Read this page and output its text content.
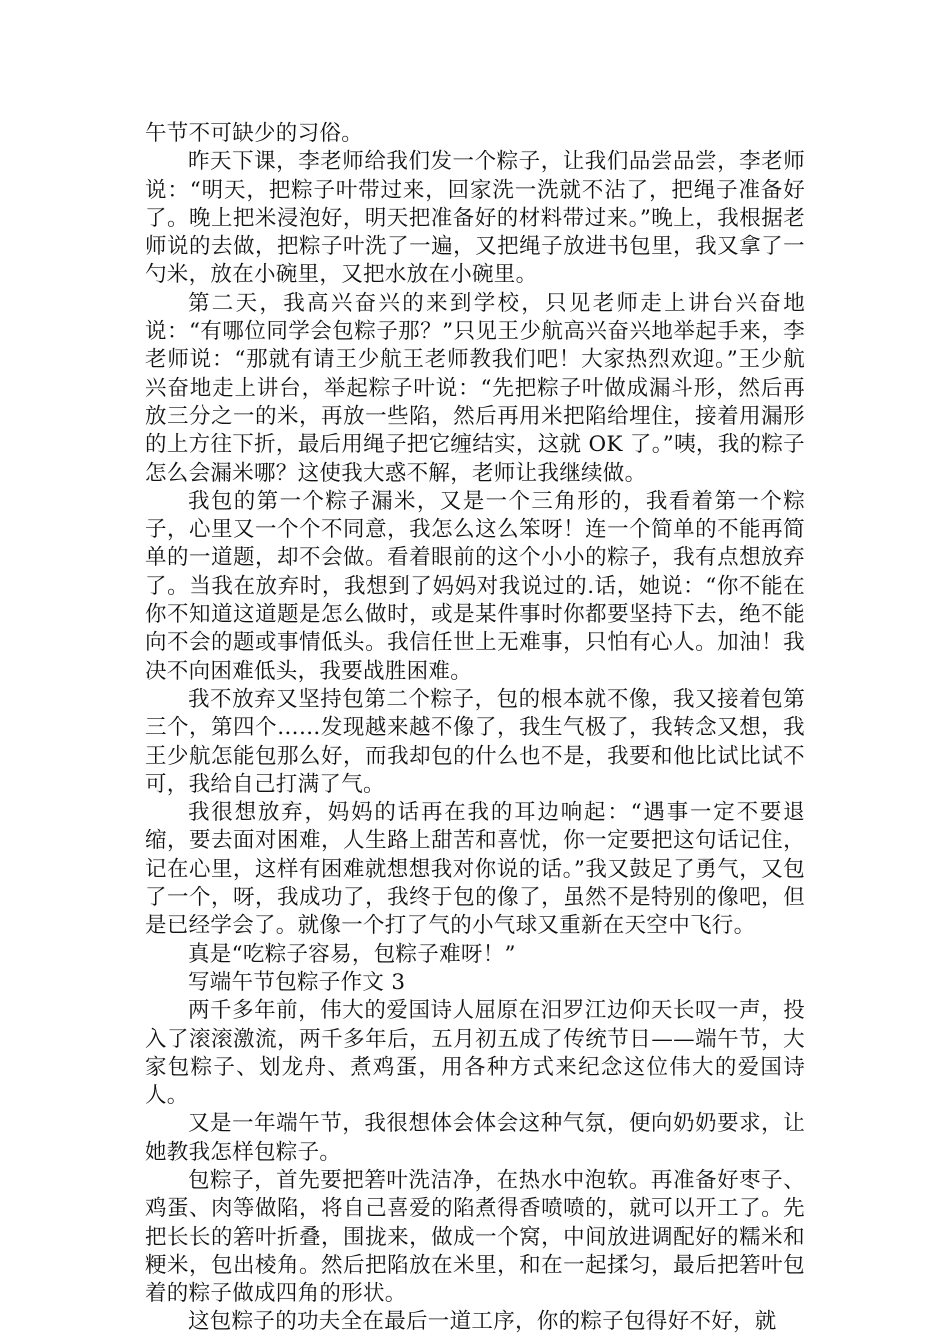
午节不可缺少的习俗。

昨天下课，李老师给我们发一个粽子，让我们品尝品尝，李老师说：“明天，把粽子叶带过来，回家洗一洗就不沾了，把绳子准备好了。晚上把米浸泡好，明天把准备好的材料带过来。”晚上，我根据老师说的去做，把粽子叶洗了一遍，又把绳子放进书包里，我又拿了一勺米，放在小碗里，又把水放在小碗里。

第二天，我高兴奋兴的来到学校，只见老师走上讲台兴奋地说：“有哪位同学会包粽子那？”只见王少航高兴奋兴地举起手来，李老师说：“那就有请王少航王老师教我们吧！大家热烈欢迎。”王少航兴奋地走上讲台，举起粽子叶说：“先把粽子叶做成漏斗形，然后再放三分之一的米，再放一些陷，然后再用米把陷给埋住，接着用漏形的上方往下折，最后用绳子把它缠结实，这就 OK 了。”咦，我的粽子怎么会漏米哪？这使我大惑不解，老师让我继续做。

我包的第一个粽子漏米，又是一个三角形的，我看着第一个粽子，心里又一个个不同意，我怎么这么笨呀！连一个简单的不能再简单的一道题，却不会做。看着眼前的这个小小的粽子，我有点想放弃了。当我在放弃时，我想到了妈妈对我说过的.话，她说：“你不能在你不知道这道题是怎么做时，或是某件事时你都要坚持下去，绝不能向不会的题或事情低头。我信任世上无难事，只怕有心人。加油！我决不向困难低头，我要战胜困难。

我不放弃又坚持包第二个粽子，包的根本就不像，我又接着包第三个，第四个……发现越来越不像了，我生气极了，我转念又想，我王少航怎能包那么好，而我却包的什么也不是，我要和他比试比试不可，我给自己打满了气。

我很想放弃，妈妈的话再在我的耳边响起：“遇事一定不要退缩，要去面对困难，人生路上甜苦和喜忧，你一定要把这句话记住，记在心里，这样有困难就想想我对你说的话。”我又鼓足了勇气，又包了一个，呀，我成功了，我终于包的像了，虽然不是特别的像吧，但是已经学会了。就像一个打了气的小气球又重新在天空中飞行。

真是“吃粽子容易，包粽子难呀！”

写端午节包粽子作文 3

两千多年前，伟大的爱国诗人屈原在汨罗江边仰天长叹一声，投入了滚滚激流，两千多年后，五月初五成了传统节日——端午节，大家包粽子、划龙舟、煮鸡蛋，用各种方式来纪念这位伟大的爱国诗人。

又是一年端午节，我很想体会体会这种气氛，便向奶奶要求，让她教我怎样包粽子。

包粽子，首先要把箬叶洗洁净，在热水中泡软。再准备好枣子、鸡蛋、肉等做陷，将自己喜爱的陷煮得香喷喷的，就可以开工了。先把长长的箬叶折叠，围拢来，做成一个窝，中间放进调配好的糯米和粳米，包出棱角。然后把陷放在米里，和在一起揉匀，最后把箬叶包着的粽子做成四角的形状。

这包粽子的功夫全在最后一道工序，你的粽子包得好不好，就
